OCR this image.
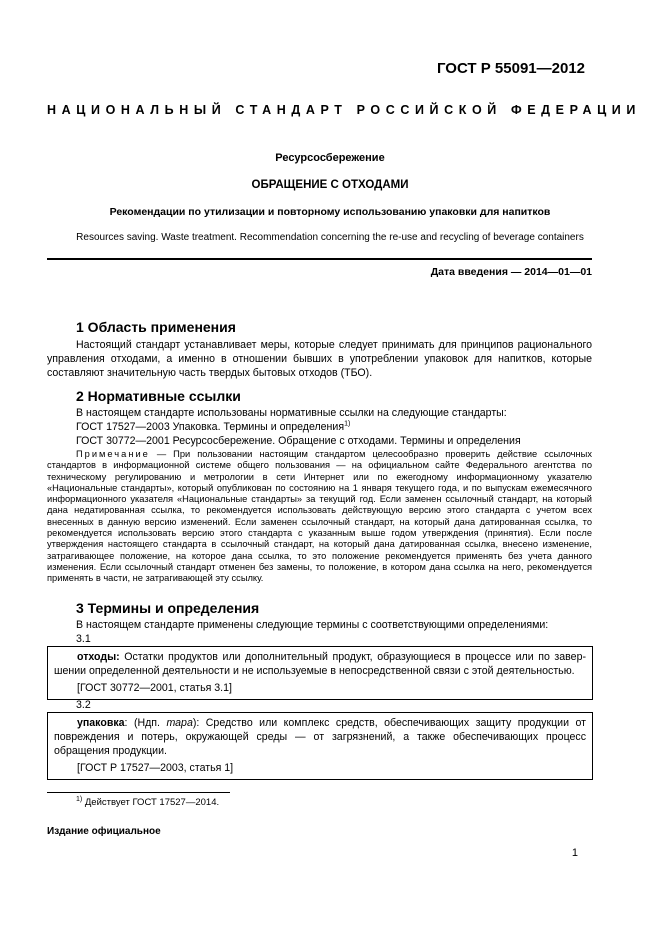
ГОСТ Р 55091—2012
НАЦИОНАЛЬНЫЙ СТАНДАРТ РОССИЙСКОЙ ФЕДЕРАЦИИ
Ресурсосбережение
ОБРАЩЕНИЕ С ОТХОДАМИ
Рекомендации по утилизации и повторному использованию упаковки для напитков
Resources saving. Waste treatment. Recommendation concerning the re-use and recycling of beverage containers
Дата введения — 2014—01—01
1 Область применения
Настоящий стандарт устанавливает меры, которые следует принимать для принципов рационального управления отходами, а именно в отношении бывших в употреблении упаковок для напитков, которые составляют значительную часть твердых бытовых отходов (ТБО).
2 Нормативные ссылки
В настоящем стандарте использованы нормативные ссылки на следующие стандарты:
ГОСТ 17527—2003 Упаковка. Термины и определения$^{1)}$
ГОСТ 30772—2001 Ресурсосбережение. Обращение с отходами. Термины и определения
Примечание — При пользовании настоящим стандартом целесообразно проверить действие ссылочных стандартов в информационной системе общего пользования — на официальном сайте Федерального агентства по техническому регулированию и метрологии в сети Интернет или по ежегодному информационному указателю «Национальные стандарты», который опубликован по состоянию на 1 января текущего года, и по выпускам ежемесячного информационного указателя «Национальные стандарты» за текущий год. Если заменен ссылочный стандарт, на который дана недатированная ссылка, то рекомендуется использовать действующую версию этого стандарта с учетом всех внесенных в данную версию изменений. Если заменен ссылочный стандарт, на который дана датированная ссылка, то рекомендуется использовать версию этого стандарта с указанным выше годом утверждения (принятия). Если после утверждения настоящего стандарта в ссылочный стандарт, на который дана датированная ссылка, внесено изменение, затрагивающее положение, на которое дана ссылка, то это положение рекомендуется применять без учета данного изменения. Если ссылочный стандарт отменен без замены, то положение, в котором дана ссылка на него, рекомендуется применять в части, не затрагивающей эту ссылку.
3 Термины и определения
В настоящем стандарте применены следующие термины с соответствующими определениями:
3.1
отходы: Остатки продуктов или дополнительный продукт, образующиеся в процессе или по завершении определенной деятельности и не используемые в непосредственной связи с этой деятельностью.
[ГОСТ 30772—2001, статья 3.1]
3.2
упаковка: (Ндп. тара): Средство или комплекс средств, обеспечивающих защиту продукции от повреждения и потерь, окружающей среды — от загрязнений, а также обеспечивающих процесс обращения продукции.
[ГОСТ Р 17527—2003, статья 1]
$^{1)}$ Действует ГОСТ 17527—2014.
Издание официальное
1
